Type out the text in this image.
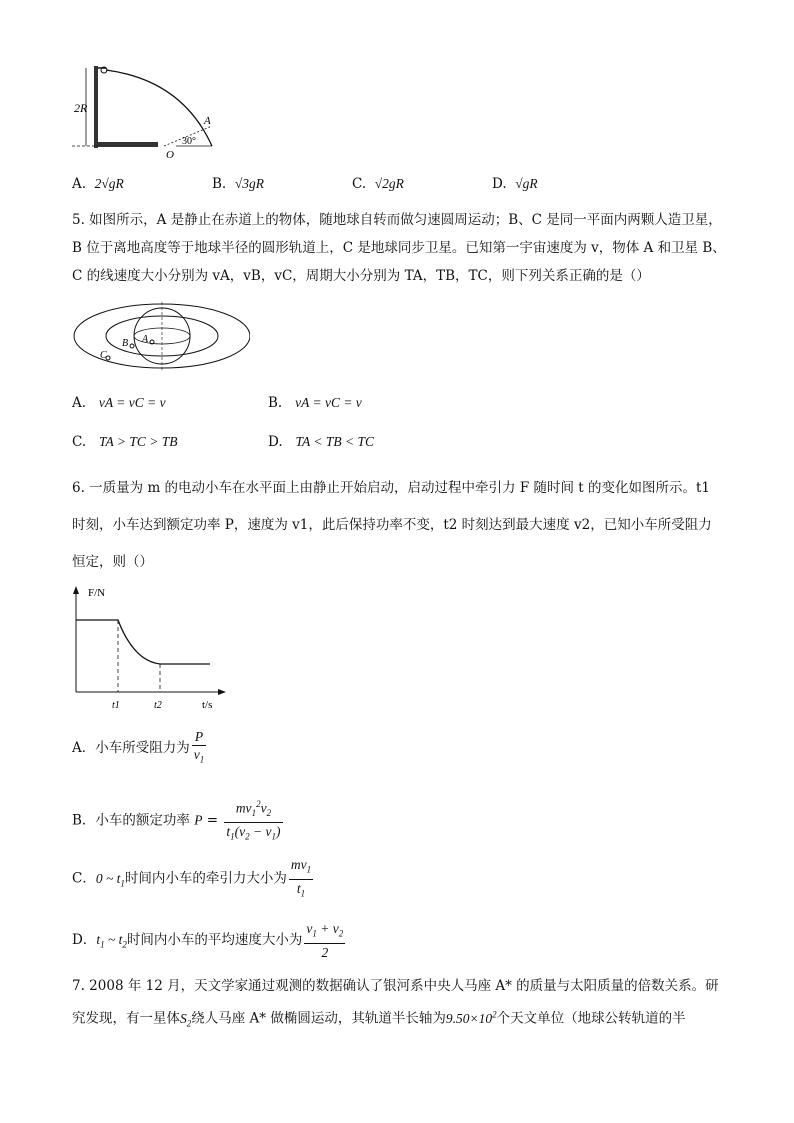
2R
A
O
30°
A. 2√gR	B. √3gR	C. √2gR	D. √gR
5. 如图所示，A 是静止在赤道上的物体，随地球自转而做匀速圆周运动；B、C 是同一平面内两颗人造卫星，
B 位于离地高度等于地球半径的圆形轨道上，C 是地球同步卫星。已知第一宇宙速度为 v，物体 A 和卫星 B、
C 的线速度大小分别为 vA，vB，vC，周期大小分别为 TA，TB，TC，则下列关系正确的是（）
A
B
C
A. vA = vC = v	B. vA = vC = v
C. TA > TC > TB	D. TA < TB < TC
6. 一质量为 m 的电动小车在水平面上由静止开始启动，启动过程中牵引力 F 随时间 t 的变化如图所示。t1
时刻，小车达到额定功率 P，速度为 v1，此后保持功率不变，t2 时刻达到最大速度 v2，已知小车所受阻力
恒定，则（）
F/N
t/s
t1	t2
A．小车所受阻力为 $\frac{P}{v_1}$
B．小车的额定功率 $P = \frac{mv_1^2v_2}{t_1(v_2 - v_1)}$
C．0 ~ $t_1$时间内小车的牵引力大小为 $\frac{mv_1}{t_1}$
D．$t_1$ ~ $t_2$时间内小车的平均速度大小为 $\frac{v_1 + v_2}{2}$
7. 2008 年 12 月，天文学家通过观测的数据确认了银河系中央人马座 A* 的质量与太阳质量的倍数关系。研
究发现，有一星体$S_2$绕人马座 A* 做椭圆运动，其轨道半长轴为$9.50\times 10^2$个天文单位（地球公转轨道的半
